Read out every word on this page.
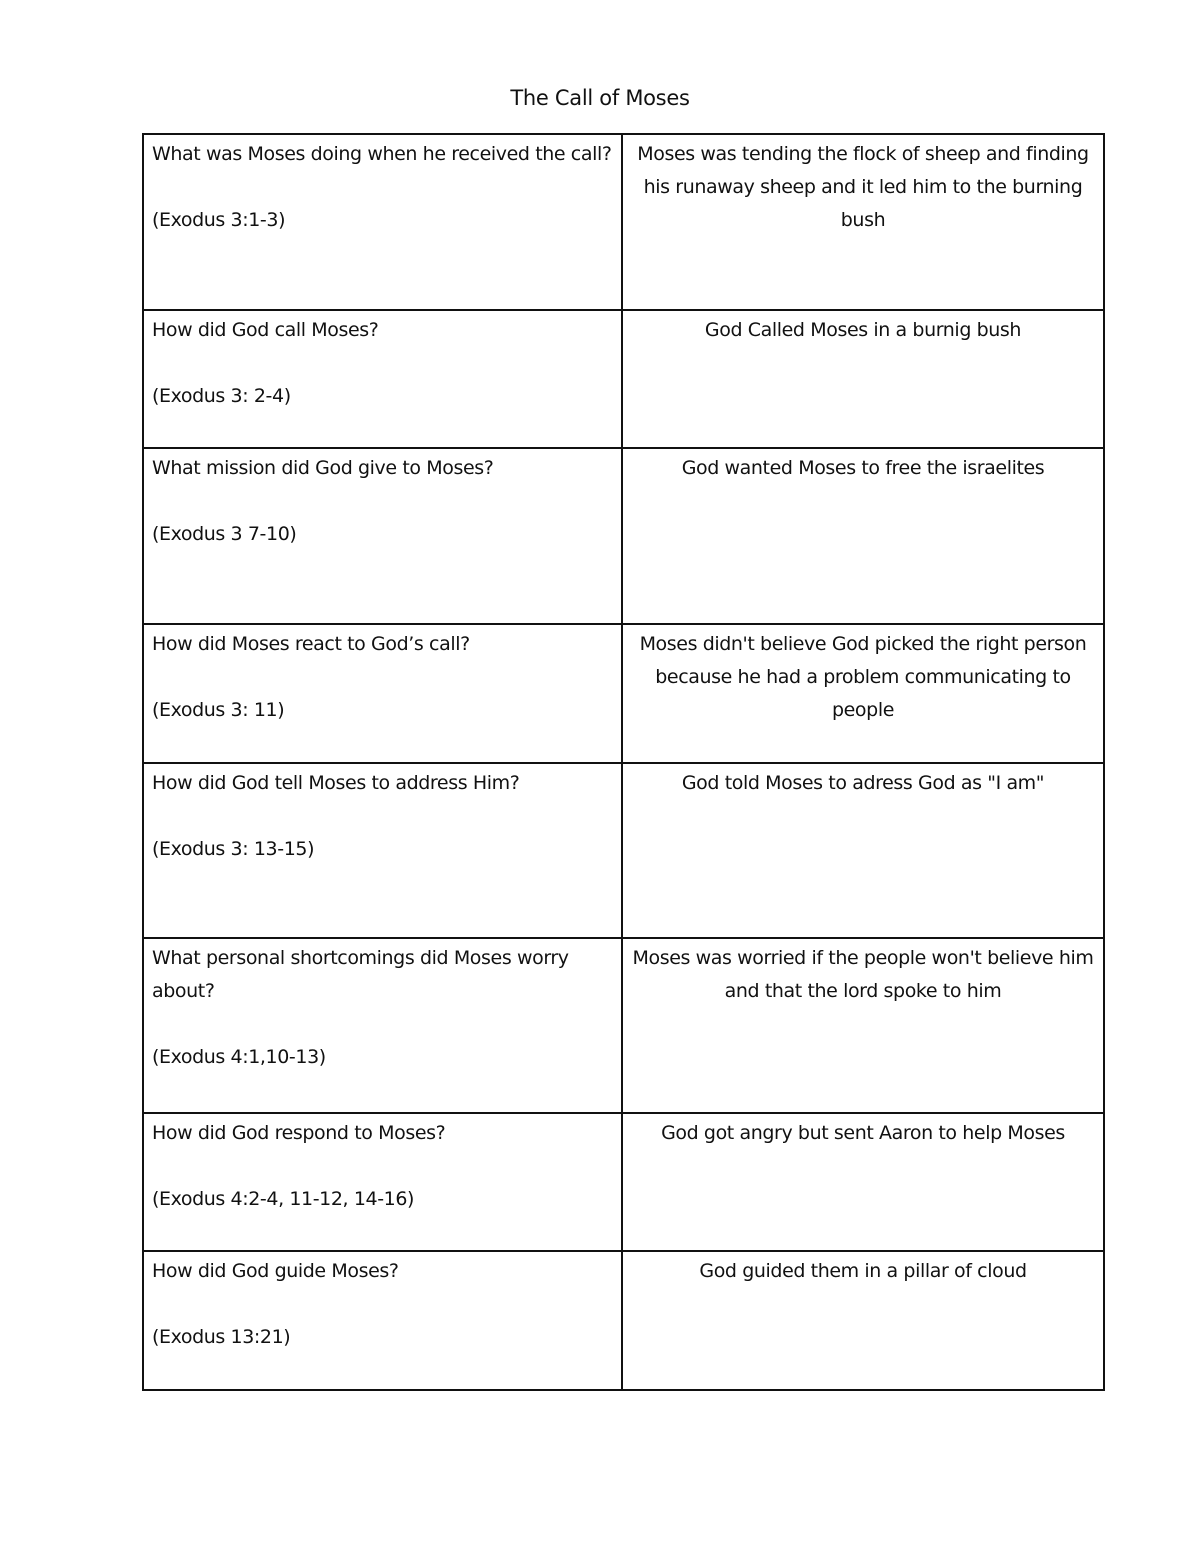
The Call of Moses
What was Moses doing when he received the call?
(Exodus 3:1-3)	Moses was tending the flock of sheep and finding his runaway sheep and it led him to the burning bush

How did God call Moses?
(Exodus 3: 2-4)	God Called Moses in a burnig bush

What mission did God give to Moses?
(Exodus 3 7-10)	God wanted Moses to free the israelites

How did Moses react to God’s call?
(Exodus 3: 11)	Moses didn't believe God picked the right person because he had a problem communicating to people

How did God tell Moses to address Him?
(Exodus 3: 13-15)	God told Moses to adress God as "I am"

What personal shortcomings did Moses worry about?
(Exodus 4:1,10-13)	Moses was worried if the people won't believe him and that the lord spoke to him

How did God respond to Moses?
(Exodus 4:2-4, 11-12, 14-16)	God got angry but sent Aaron to help Moses

How did God guide Moses?
(Exodus 13:21)	God guided them in a pillar of cloud
